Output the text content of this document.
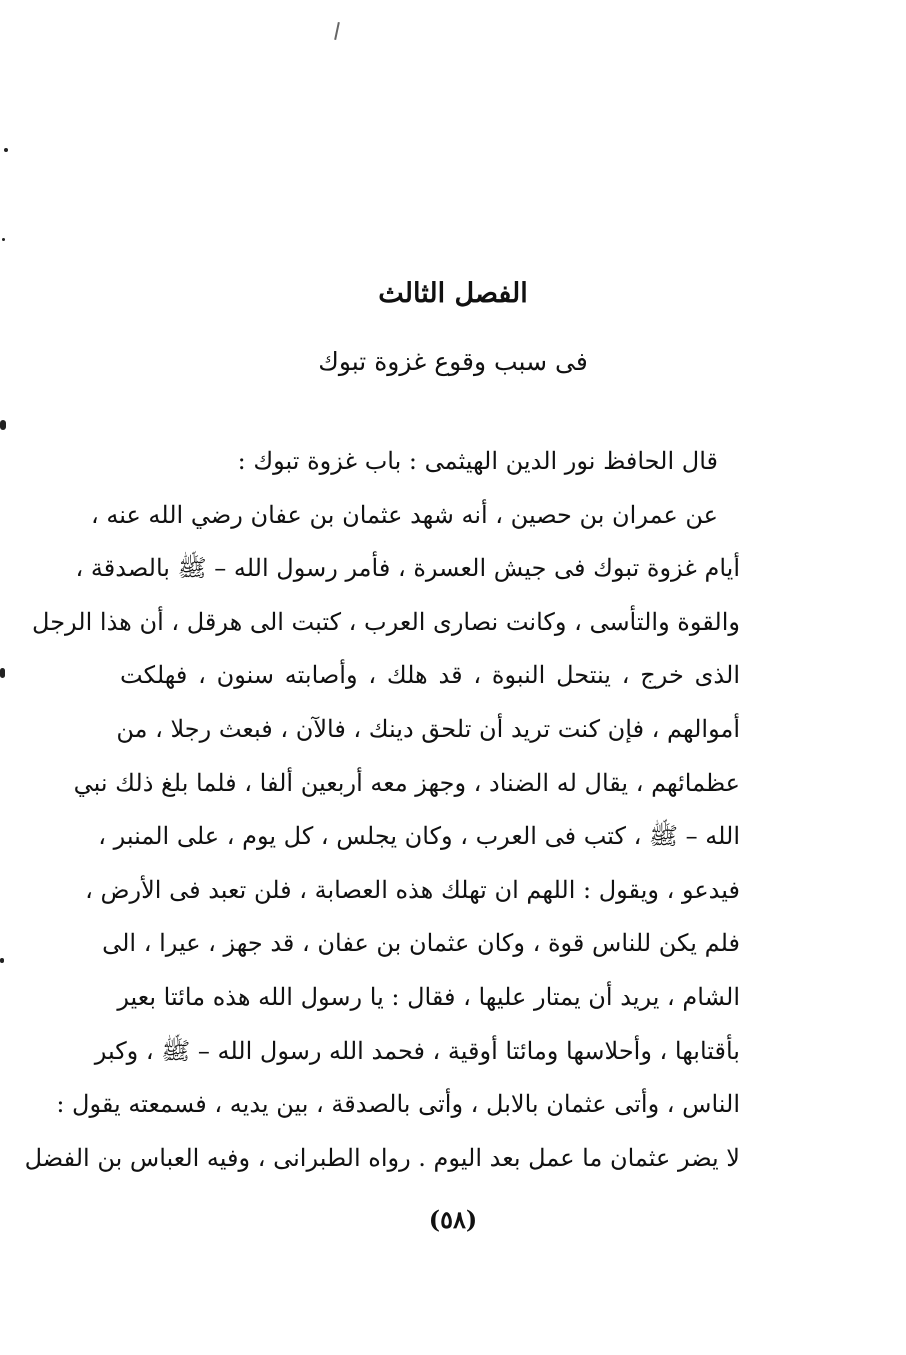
الفصل الثالث
فى سبب وقوع غزوة تبوك
قال الحافظ نور الدين الهيثمى : باب غزوة تبوك :
عن عمران بن حصين ، أنه شهد عثمان بن عفان رضي الله عنه ،
أيام غزوة تبوك فى جيش العسرة ، فأمر رسول الله – ﷺ بالصدقة ،
والقوة والتأسى ، وكانت نصارى العرب ، كتبت الى هرقل ، أن هذا الرجل
الذى خرج ، ينتحل النبوة ، قد هلك ، وأصابته سنون ، فهلكت
أموالهم ، فإن كنت تريد أن تلحق دينك ، فالآن ، فبعث رجلا ، من
عظمائهم ، يقال له الضناد ، وجهز معه أربعين ألفا ، فلما بلغ ذلك نبي
الله – ﷺ ، كتب فى العرب ، وكان يجلس ، كل يوم ، على المنبر ،
فيدعو ، ويقول : اللهم ان تهلك هذه العصابة ، فلن تعبد فى الأرض ،
فلم يكن للناس قوة ، وكان عثمان بن عفان ، قد جهز ، عيرا ، الى
الشام ، يريد أن يمتار عليها ، فقال : يا رسول الله هذه مائتا بعير
بأقتابها ، وأحلاسها ومائتا أوقية ، فحمد الله رسول الله – ﷺ ، وكبر
الناس ، وأتى عثمان بالابل ، وأتى بالصدقة ، بين يديه ، فسمعته يقول :
لا يضر عثمان ما عمل بعد اليوم . رواه الطبرانى ، وفيه العباس بن الفضل
(٥٨)
